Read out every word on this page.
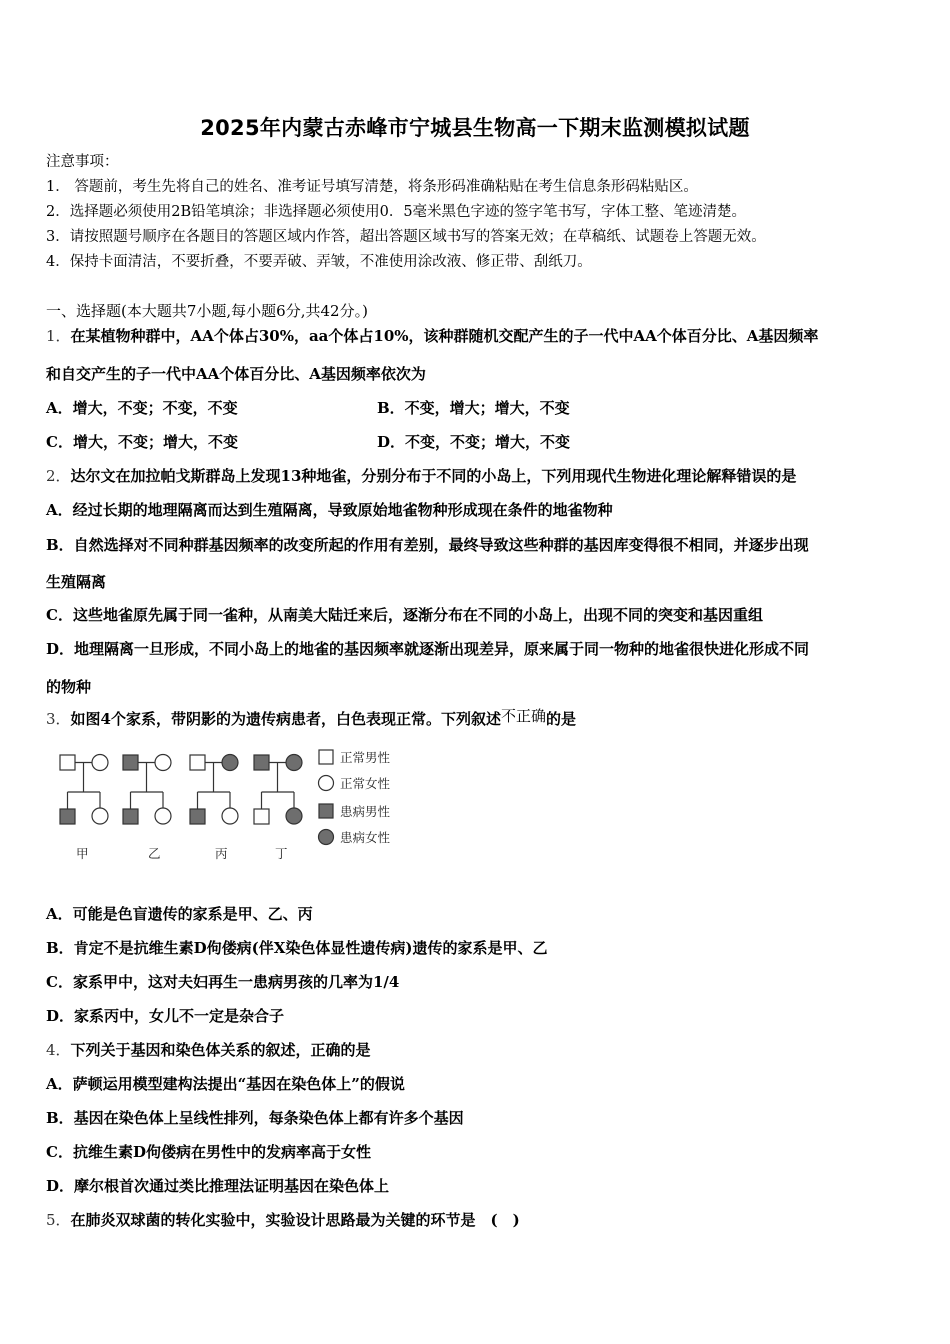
2025年内蒙古赤峰市宁城县生物高一下期末监测模拟试题
注意事项：
1． 答题前，考生先将自己的姓名、准考证号填写清楚，将条形码准确粘贴在考生信息条形码粘贴区。
2．选择题必须使用2B铅笔填涂；非选择题必须使用0．5毫米黑色字迹的签字笔书写，字体工整、笔迹清楚。
3．请按照题号顺序在各题目的答题区域内作答，超出答题区域书写的答案无效；在草稿纸、试题卷上答题无效。
4．保持卡面清洁，不要折叠，不要弄破、弄皱，不准使用涂改液、修正带、刮纸刀。
一、选择题(本大题共7小题,每小题6分,共42分。)
1．在某植物种群中，AA个体占30%，aa个体占10%，该种群随机交配产生的子一代中AA个体百分比、A基因频率
和自交产生的子一代中AA个体百分比、A基因频率依次为
A．增大，不变；不变，不变	B．不变，增大；增大，不变
C．增大，不变；增大，不变	D．不变，不变；增大，不变
2．达尔文在加拉帕戈斯群岛上发现13种地雀，分别分布于不同的小岛上，下列用现代生物进化理论解释错误的是
A．经过长期的地理隔离而达到生殖隔离，导致原始地雀物种形成现在条件的地雀物种
B．自然选择对不同种群基因频率的改变所起的作用有差别，最终导致这些种群的基因库变得很不相同，并逐步出现
生殖隔离
C．这些地雀原先属于同一雀种，从南美大陆迁来后，逐渐分布在不同的小岛上，出现不同的突变和基因重组
D．地理隔离一旦形成，不同小岛上的地雀的基因频率就逐渐出现差异，原来属于同一物种的地雀很快进化形成不同
的物种
3．如图4个家系，带阴影的为遗传病患者，白色表现正常。下列叙述不正确的是
正常男性
正常女性
患病男性
患病女性
甲	乙	丙	丁
A．可能是色盲遗传的家系是甲、乙、丙
B．肯定不是抗维生素D佝偻病(伴X染色体显性遗传病)遗传的家系是甲、乙
C．家系甲中，这对夫妇再生一患病男孩的几率为1/4
D．家系丙中，女儿不一定是杂合子
4．下列关于基因和染色体关系的叙述，正确的是
A．萨顿运用模型建构法提出“基因在染色体上”的假说
B．基因在染色体上呈线性排列，每条染色体上都有许多个基因
C．抗维生素D佝偻病在男性中的发病率高于女性
D．摩尔根首次通过类比推理法证明基因在染色体上
5．在肺炎双球菌的转化实验中，实验设计思路最为关键的环节是　(　)
